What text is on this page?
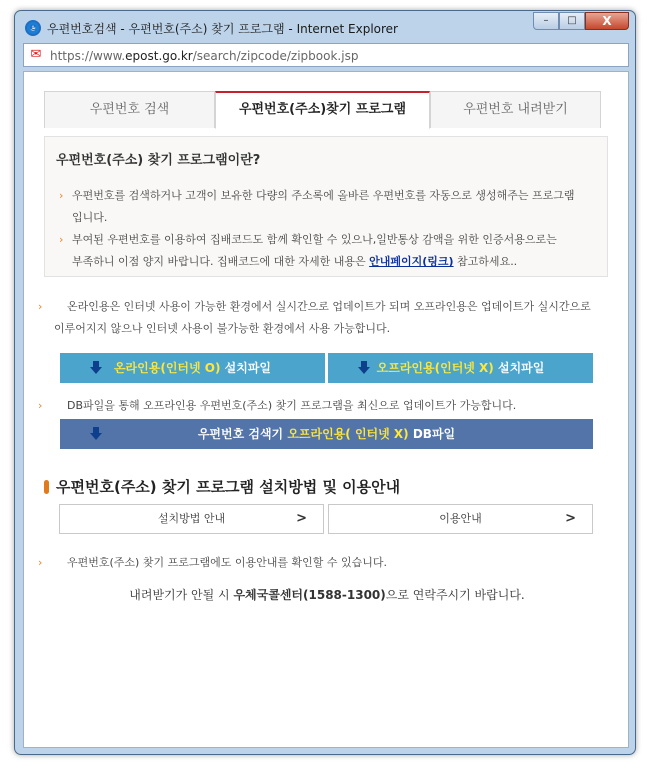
e 우편번호검색 - 우편번호(주소) 찾기 프로그램 - Internet Explorer
–	□	X
✉ https://www.epost.go.kr/search/zipcode/zipbook.jsp
우편번호 검색	우편번호(주소)찾기 프로그램	우편번호 내려받기
우편번호(주소) 찾기 프로그램이란?
› 우편번호를 검색하거나 고객이 보유한 다량의 주소록에 올바른 우편번호를 자동으로 생성해주는 프로그램
입니다.
› 부여된 우편번호를 이용하여 집배코드도 함께 확인할 수 있으나,일반통상 감액을 위한 인증서용으로는
부족하니 이점 양지 바랍니다. 집배코드에 대한 자세한 내용은 안내페이지(링크) 참고하세요..
› 온라인용은 인터넷 사용이 가능한 환경에서 실시간으로 업데이트가 되며 오프라인용은 업데이트가 실시간으로
이루어지지 않으나 인터넷 사용이 불가능한 환경에서 사용 가능합니다.
온라인용(인터넷 O) 설치파일	오프라인용(인터넷 X) 설치파일
› DB파일을 통해 오프라인용 우편번호(주소) 찾기 프로그램을 최신으로 업데이트가 가능합니다.
우편번호 검색기 오프라인용( 인터넷 X) DB파일
우편번호(주소) 찾기 프로그램 설치방법 및 이용안내
설치방법 안내	>	이용안내	>
› 우편번호(주소) 찾기 프로그램에도 이용안내를 확인할 수 있습니다.
내려받기가 안될 시 우체국콜센터(1588-1300)으로 연락주시기 바랍니다.
